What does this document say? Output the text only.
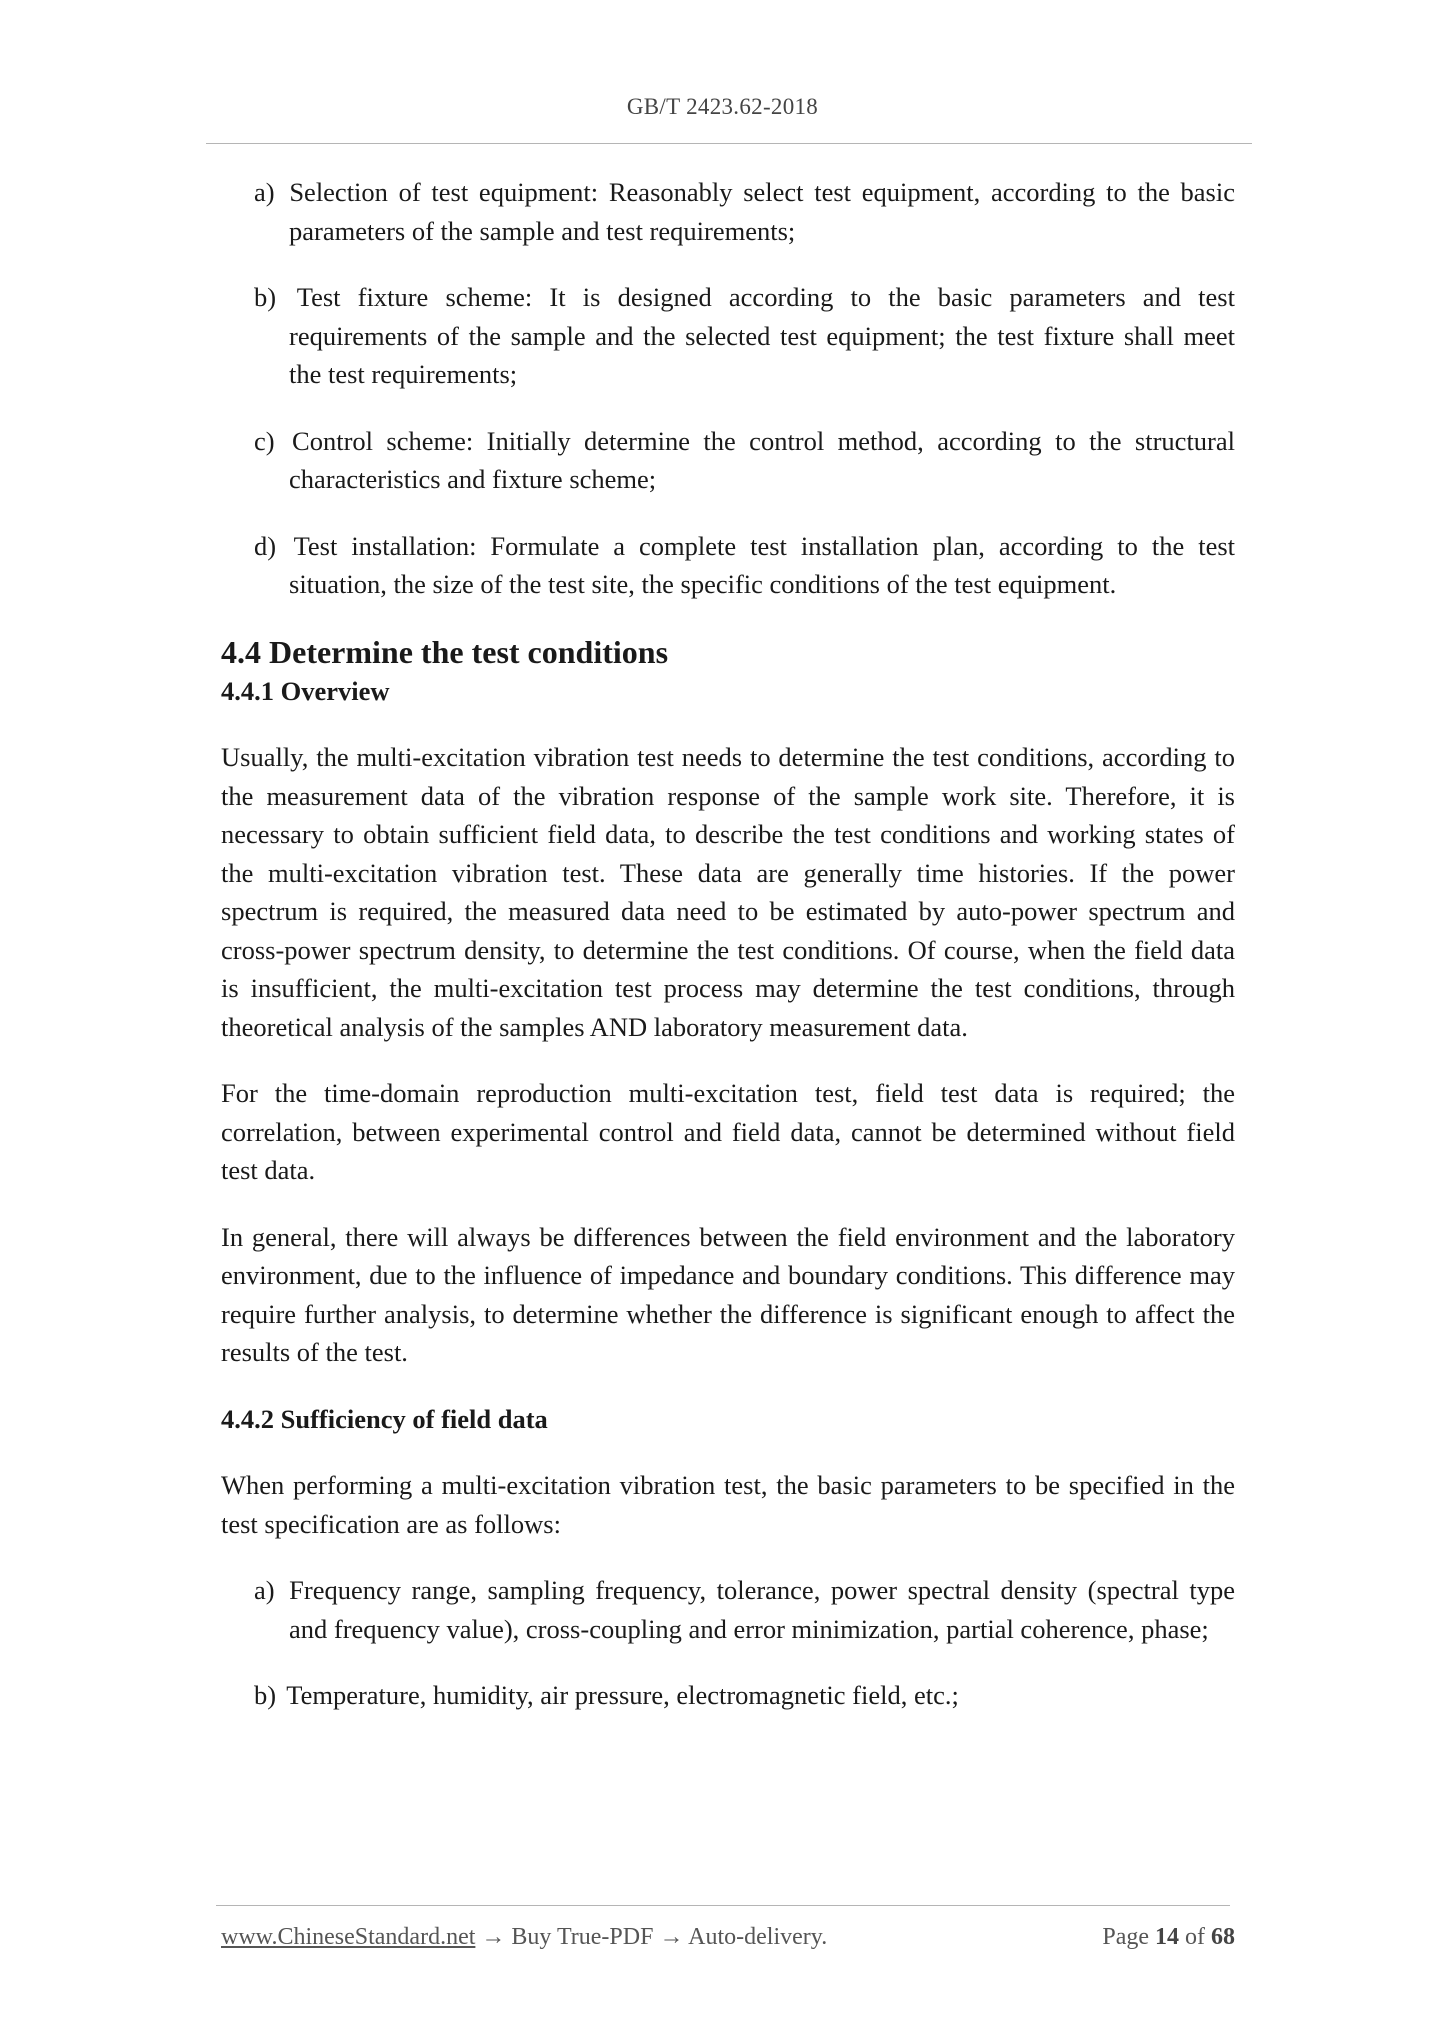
GB/T 2423.62-2018

a) Selection of test equipment: Reasonably select test equipment, according to the basic parameters of the sample and test requirements;

b) Test fixture scheme: It is designed according to the basic parameters and test requirements of the sample and the selected test equipment; the test fixture shall meet the test requirements;

c) Control scheme: Initially determine the control method, according to the structural characteristics and fixture scheme;

d) Test installation: Formulate a complete test installation plan, according to the test situation, the size of the test site, the specific conditions of the test equipment.

4.4 Determine the test conditions

4.4.1 Overview

Usually, the multi-excitation vibration test needs to determine the test conditions, according to the measurement data of the vibration response of the sample work site. Therefore, it is necessary to obtain sufficient field data, to describe the test conditions and working states of the multi-excitation vibration test. These data are generally time histories. If the power spectrum is required, the measured data need to be estimated by auto-power spectrum and cross-power spectrum density, to determine the test conditions. Of course, when the field data is insufficient, the multi-excitation test process may determine the test conditions, through theoretical analysis of the samples AND laboratory measurement data.

For the time-domain reproduction multi-excitation test, field test data is required; the correlation, between experimental control and field data, cannot be determined without field test data.

In general, there will always be differences between the field environment and the laboratory environment, due to the influence of impedance and boundary conditions. This difference may require further analysis, to determine whether the difference is significant enough to affect the results of the test.

4.4.2 Sufficiency of field data

When performing a multi-excitation vibration test, the basic parameters to be specified in the test specification are as follows:

a) Frequency range, sampling frequency, tolerance, power spectral density (spectral type and frequency value), cross-coupling and error minimization, partial coherence, phase;

b) Temperature, humidity, air pressure, electromagnetic field, etc.;

www.ChineseStandard.net → Buy True-PDF → Auto-delivery.	Page 14 of 68
